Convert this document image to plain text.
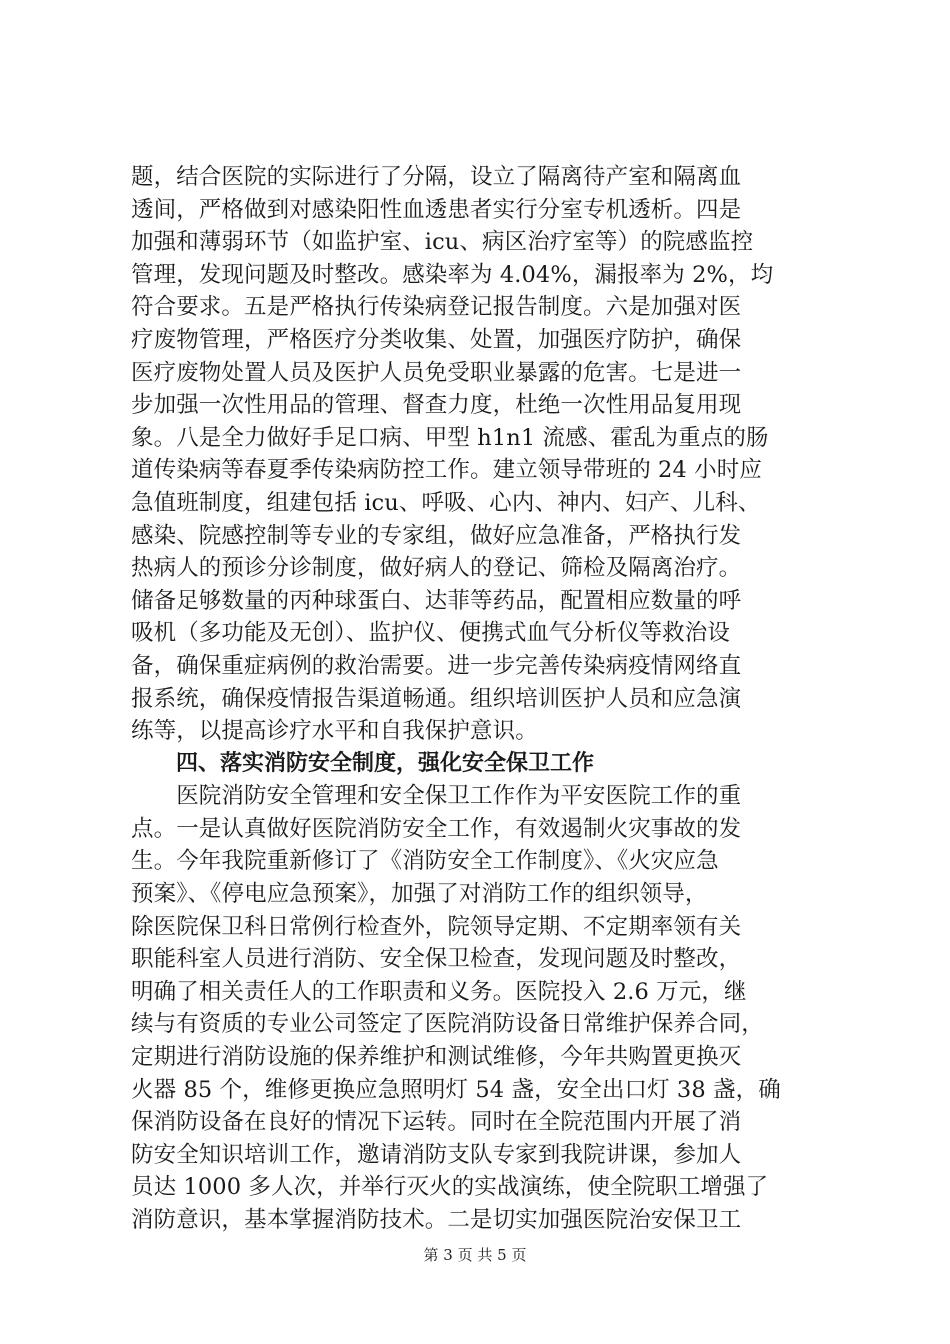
题，结合医院的实际进行了分隔，设立了隔离待产室和隔离血
透间，严格做到对感染阳性血透患者实行分室专机透析。四是
加强和薄弱环节（如监护室、icu、病区治疗室等）的院感监控
管理，发现问题及时整改。感染率为 4.04%，漏报率为 2%，均
符合要求。五是严格执行传染病登记报告制度。六是加强对医
疗废物管理，严格医疗分类收集、处置，加强医疗防护，确保
医疗废物处置人员及医护人员免受职业暴露的危害。七是进一
步加强一次性用品的管理、督查力度，杜绝一次性用品复用现
象。八是全力做好手足口病、甲型 h1n1 流感、霍乱为重点的肠
道传染病等春夏季传染病防控工作。建立领导带班的 24 小时应
急值班制度，组建包括 icu、呼吸、心内、神内、妇产、儿科、
感染、院感控制等专业的专家组，做好应急准备，严格执行发
热病人的预诊分诊制度，做好病人的登记、筛检及隔离治疗。
储备足够数量的丙种球蛋白、达菲等药品，配置相应数量的呼
吸机（多功能及无创）、监护仪、便携式血气分析仪等救治设
备，确保重症病例的救治需要。进一步完善传染病疫情网络直
报系统，确保疫情报告渠道畅通。组织培训医护人员和应急演
练等，以提高诊疗水平和自我保护意识。
四、落实消防安全制度，强化安全保卫工作
　　医院消防安全管理和安全保卫工作作为平安医院工作的重
点。一是认真做好医院消防安全工作，有效遏制火灾事故的发
生。今年我院重新修订了《消防安全工作制度》、《火灾应急
预案》、《停电应急预案》，加强了对消防工作的组织领导，
除医院保卫科日常例行检查外，院领导定期、不定期率领有关
职能科室人员进行消防、安全保卫检查，发现问题及时整改，
明确了相关责任人的工作职责和义务。医院投入 2.6 万元，继
续与有资质的专业公司签定了医院消防设备日常维护保养合同，
定期进行消防设施的保养维护和测试维修，今年共购置更换灭
火器 85 个，维修更换应急照明灯 54 盏，安全出口灯 38 盏，确
保消防设备在良好的情况下运转。同时在全院范围内开展了消
防安全知识培训工作，邀请消防支队专家到我院讲课，参加人
员达 1000 多人次，并举行灭火的实战演练，使全院职工增强了
消防意识，基本掌握消防技术。二是切实加强医院治安保卫工
第 3 页 共 5 页
